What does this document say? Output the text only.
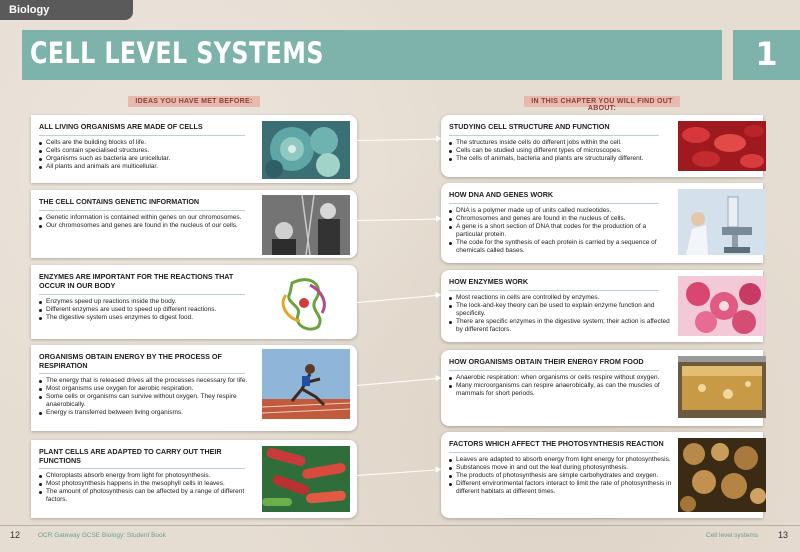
Biology
CELL LEVEL SYSTEMS	1
IDEAS YOU HAVE MET BEFORE:	IN THIS CHAPTER YOU WILL FIND OUT ABOUT:
ALL LIVING ORGANISMS ARE MADE OF CELLS
Cells are the building blocks of life.
Cells contain specialised structures.
Organisms such as bacteria are unicellular.
All plants and animals are multicellular.
THE CELL CONTAINS GENETIC INFORMATION
Genetic information is contained within genes on our chromosomes.
Our chromosomes and genes are found in the nucleus of our cells.
ENZYMES ARE IMPORTANT FOR THE REACTIONS THAT
OCCUR IN OUR BODY
Enzymes speed up reactions inside the body.
Different enzymes are used to speed up different reactions.
The digestive system uses enzymes to digest food.
ORGANISMS OBTAIN ENERGY BY THE PROCESS OF
RESPIRATION
The energy that is released drives all the processes necessary for life.
Most organisms use oxygen for aerobic respiration.
Some cells or organisms can survive without oxygen. They respire anaerobically.
Energy is transferred between living organisms.
PLANT CELLS ARE ADAPTED TO CARRY OUT THEIR
FUNCTIONS
Chloroplasts absorb energy from light for photosynthesis.
Most photosynthesis happens in the mesophyll cells in leaves.
The amount of photosynthesis can be affected by a range of different factors.
STUDYING CELL STRUCTURE AND FUNCTION
The structures inside cells do different jobs within the cell.
Cells can be studied using different types of microscopes.
The cells of animals, bacteria and plants are structurally different.
HOW DNA AND GENES WORK
DNA is a polymer made up of units called nucleotides.
Chromosomes and genes are found in the nucleus of cells.
A gene is a short section of DNA that codes for the production of a particular protein.
The code for the synthesis of each protein is carried by a sequence of chemicals called bases.
HOW ENZYMES WORK
Most reactions in cells are controlled by enzymes.
The lock-and-key theory can be used to explain enzyme function and specificity.
There are specific enzymes in the digestive system; their action is affected by different factors.
HOW ORGANISMS OBTAIN THEIR ENERGY FROM FOOD
Anaerobic respiration: when organisms or cells respire without oxygen.
Many microorganisms can respire anaerobically, as can the muscles of mammals for short periods.
FACTORS WHICH AFFECT THE PHOTOSYNTHESIS REACTION
Leaves are adapted to absorb energy from light energy for photosynthesis.
Substances move in and out the leaf during photosynthesis.
The products of photosynthesis are simple carbohydrates and oxygen.
Different environmental factors interact to limit the rate of photosynthesis in different habitats at different times.
12	OCR Gateway GCSE Biology: Student Book	Cell level systems 13
